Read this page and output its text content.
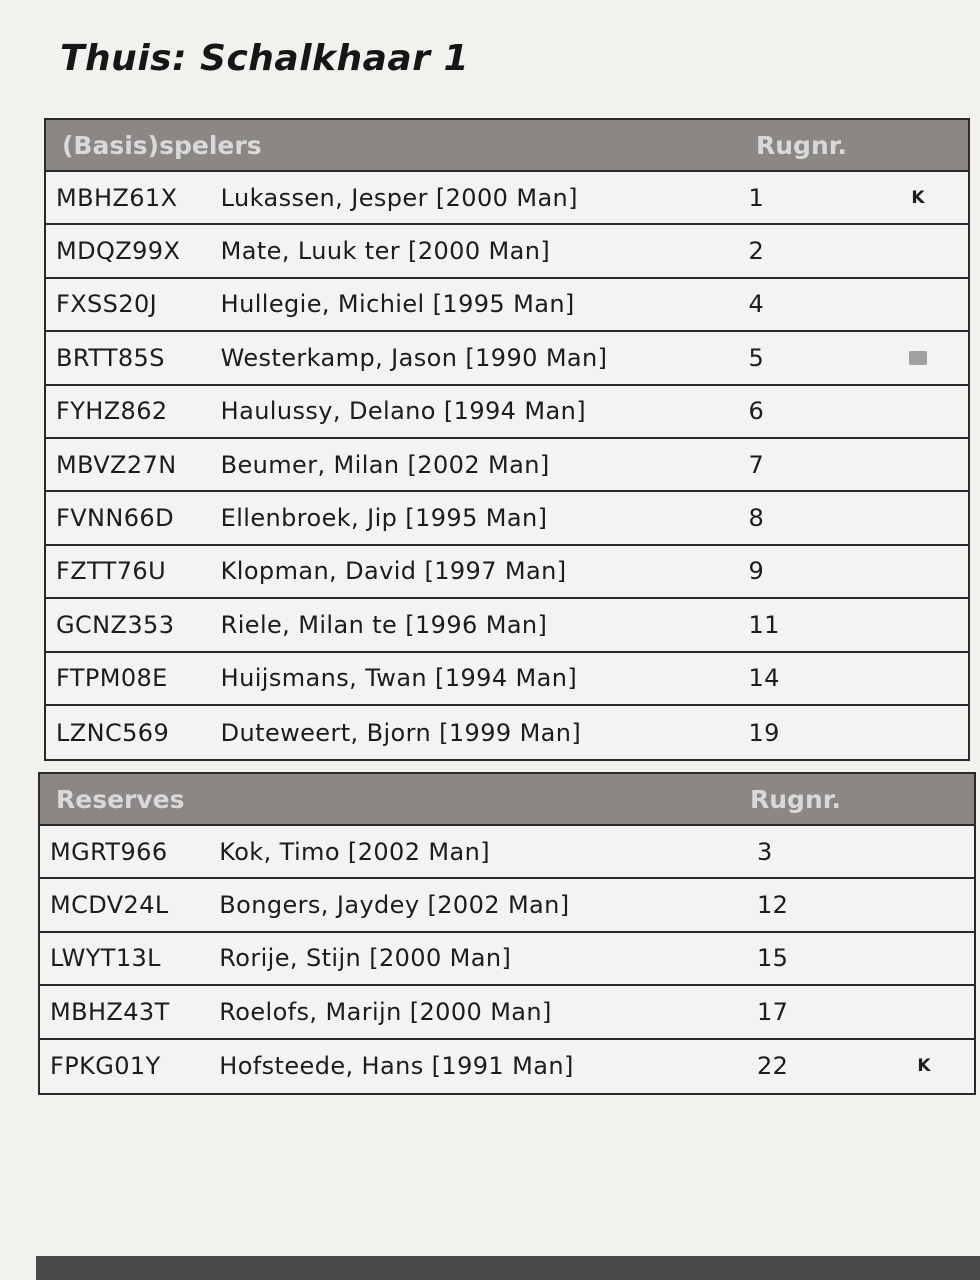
Thuis: Schalkhaar 1
(Basis)spelers	Rugnr.
MBHZ61X	Lukassen, Jesper [2000 Man]	1	K
MDQZ99X	Mate, Luuk ter [2000 Man]	2
FXSS20J	Hullegie, Michiel [1995 Man]	4
BRTT85S	Westerkamp, Jason [1990 Man]	5
FYHZ862	Haulussy, Delano [1994 Man]	6
MBVZ27N	Beumer, Milan [2002 Man]	7
FVNN66D	Ellenbroek, Jip [1995 Man]	8
FZTT76U	Klopman, David [1997 Man]	9
GCNZ353	Riele, Milan te [1996 Man]	11
FTPM08E	Huijsmans, Twan [1994 Man]	14
LZNC569	Duteweert, Bjorn [1999 Man]	19
Reserves	Rugnr.
MGRT966	Kok, Timo [2002 Man]	3
MCDV24L	Bongers, Jaydey [2002 Man]	12
LWYT13L	Rorije, Stijn [2000 Man]	15
MBHZ43T	Roelofs, Marijn [2000 Man]	17
FPKG01Y	Hofsteede, Hans [1991 Man]	22	K
